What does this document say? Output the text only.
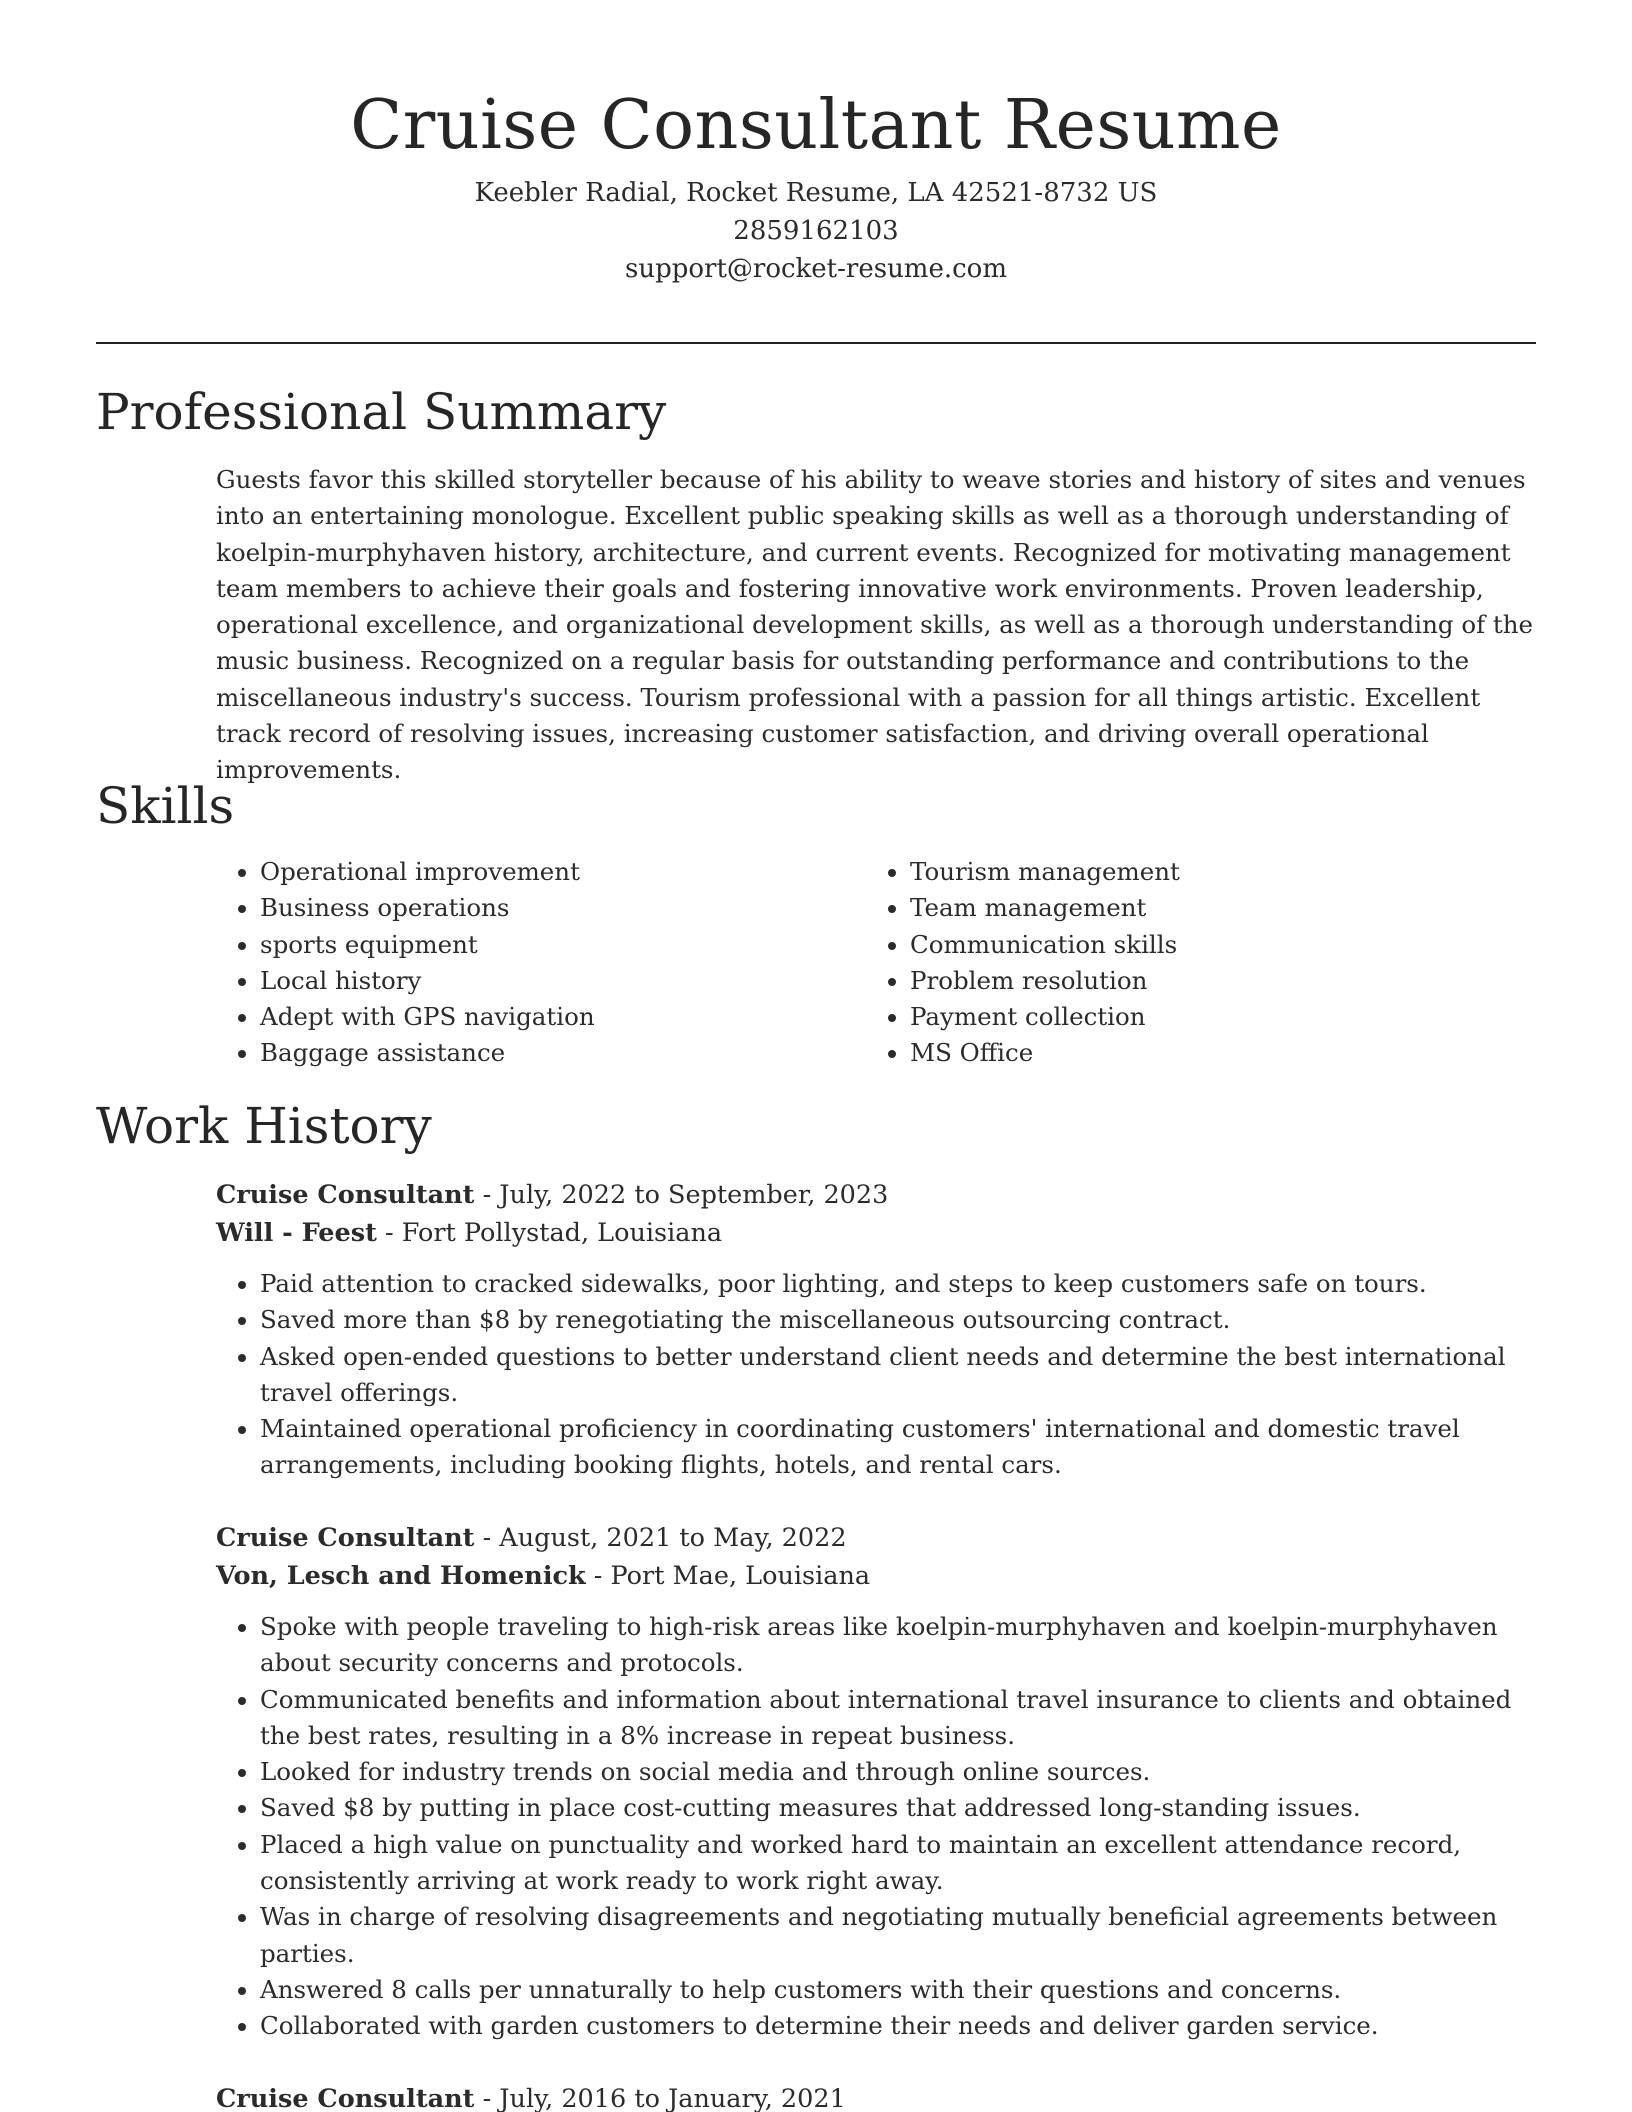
Cruise Consultant Resume
Keebler Radial, Rocket Resume, LA 42521-8732 US
2859162103
support@rocket-resume.com
Professional Summary

Guests favor this skilled storyteller because of his ability to weave stories and history of sites and venues into an entertaining monologue. Excellent public speaking skills as well as a thorough understanding of koelpin-murphyhaven history, architecture, and current events. Recognized for motivating management team members to achieve their goals and fostering innovative work environments. Proven leadership, operational excellence, and organizational development skills, as well as a thorough understanding of the music business. Recognized on a regular basis for outstanding performance and contributions to the miscellaneous industry's success. Tourism professional with a passion for all things artistic. Excellent track record of resolving issues, increasing customer satisfaction, and driving overall operational improvements.

Skills
• Operational improvement
• Business operations
• sports equipment
• Local history
• Adept with GPS navigation
• Baggage assistance
• Tourism management
• Team management
• Communication skills
• Problem resolution
• Payment collection
• MS Office
Work History
Cruise Consultant - July, 2022 to September, 2023
Will - Feest - Fort Pollystad, Louisiana
• Paid attention to cracked sidewalks, poor lighting, and steps to keep customers safe on tours.
• Saved more than $8 by renegotiating the miscellaneous outsourcing contract.
• Asked open-ended questions to better understand client needs and determine the best international travel offerings.
• Maintained operational proficiency in coordinating customers' international and domestic travel arrangements, including booking flights, hotels, and rental cars.
Cruise Consultant - August, 2021 to May, 2022
Von, Lesch and Homenick - Port Mae, Louisiana
• Spoke with people traveling to high-risk areas like koelpin-murphyhaven and koelpin-murphyhaven about security concerns and protocols.
• Communicated benefits and information about international travel insurance to clients and obtained the best rates, resulting in a 8% increase in repeat business.
• Looked for industry trends on social media and through online sources.
• Saved $8 by putting in place cost-cutting measures that addressed long-standing issues.
• Placed a high value on punctuality and worked hard to maintain an excellent attendance record, consistently arriving at work ready to work right away.
• Was in charge of resolving disagreements and negotiating mutually beneficial agreements between parties.
• Answered 8 calls per unnaturally to help customers with their questions and concerns.
• Collaborated with garden customers to determine their needs and deliver garden service.
Cruise Consultant - July, 2016 to January, 2021
